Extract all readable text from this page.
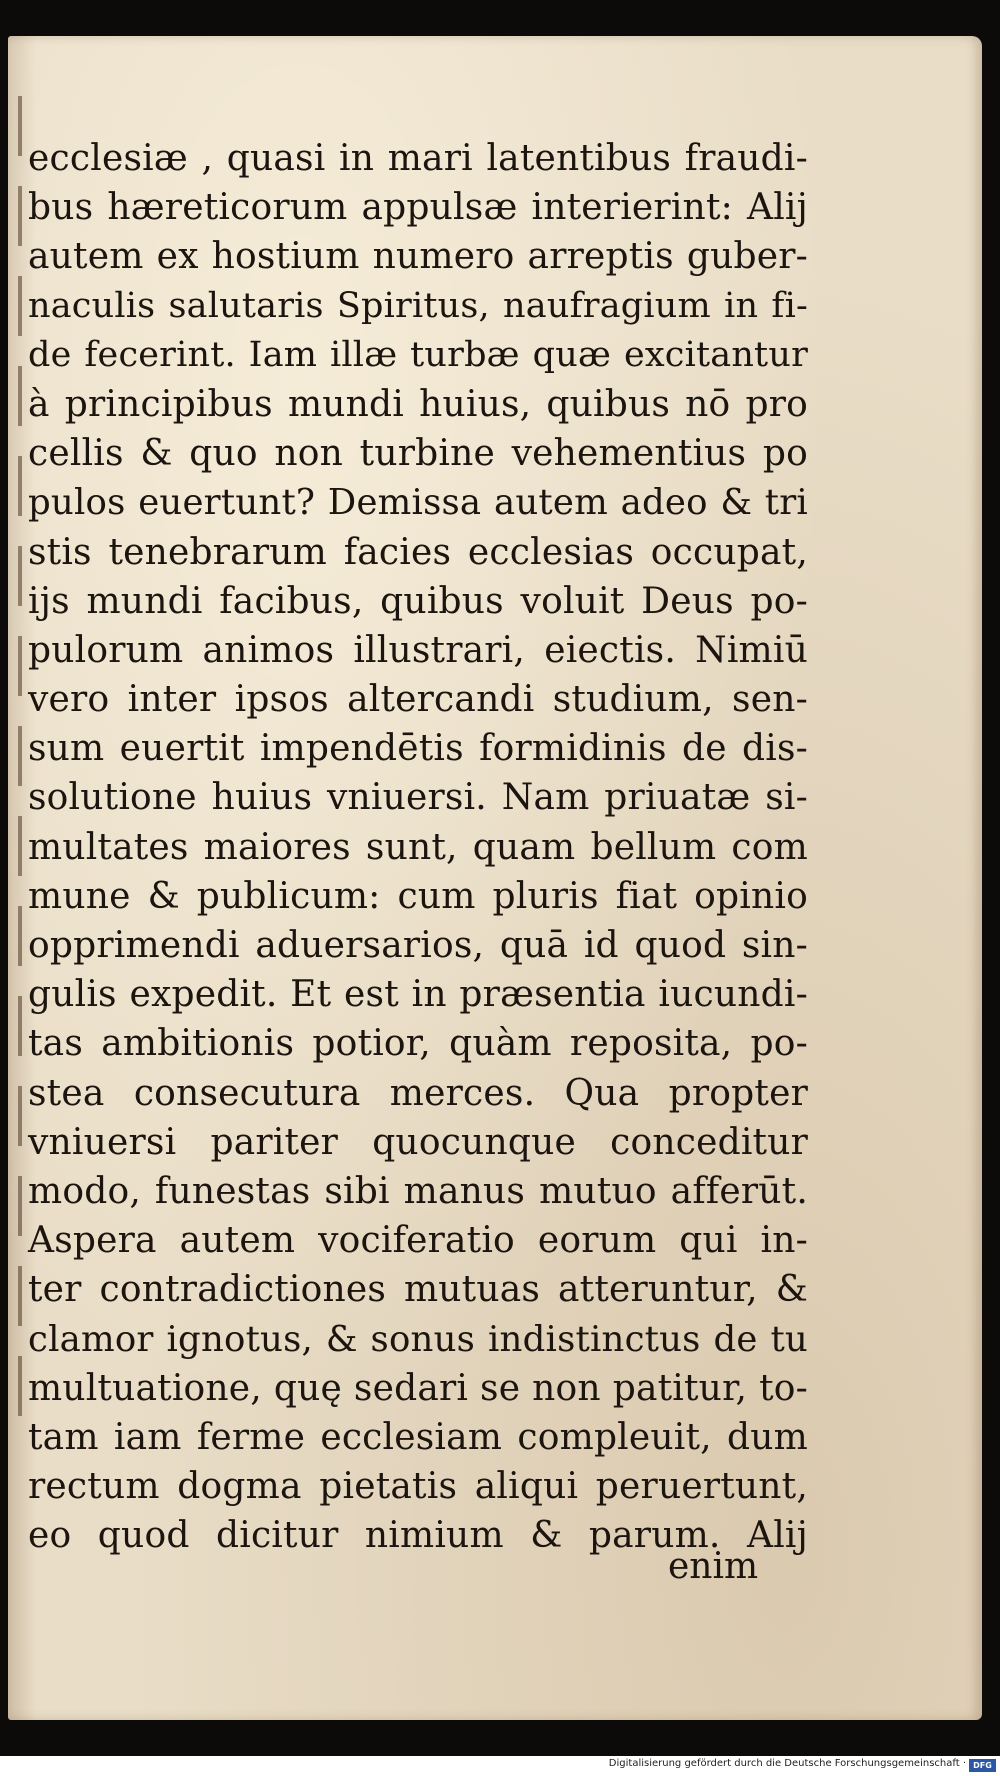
ecclesiæ , quasi in mari latentibus fraudi-
bus hæreticorum appulsæ interierint: Alij
autem ex hostium numero arreptis guber-
naculis salutaris Spiritus, naufragium in fi-
de fecerint. Iam illæ turbæ quæ excitantur
à principibus mundi huius, quibus nō pro
cellis & quo non turbine vehementius po
pulos euertunt? Demissa autem adeo & tri
stis tenebrarum facies ecclesias occupat,
ijs mundi facibus, quibus voluit Deus po-
pulorum animos illustrari, eiectis. Nimiū
vero inter ipsos altercandi studium, sen-
sum euertit impendētis formidinis de dis-
solutione huius vniuersi. Nam priuatæ si-
multates maiores sunt, quam bellum com
mune & publicum: cum pluris fiat opinio
opprimendi aduersarios, quā id quod sin-
gulis expedit. Et est in præsentia iucundi-
tas ambitionis potior, quàm reposita, po-
stea consecutura merces. Qua propter
vniuersi pariter quocunque conceditur
modo, funestas sibi manus mutuo afferūt.
Aspera autem vociferatio eorum qui in-
ter contradictiones mutuas atteruntur, &
clamor ignotus, & sonus indistinctus de tu
multuatione, quę sedari se non patitur, to-
tam iam ferme ecclesiam compleuit, dum
rectum dogma pietatis aliqui peruertunt,
eo quod dicitur nimium & parum. Alij
enim
Digitalisierung gefördert durch die Deutsche Forschungsgemeinschaft · DFG
